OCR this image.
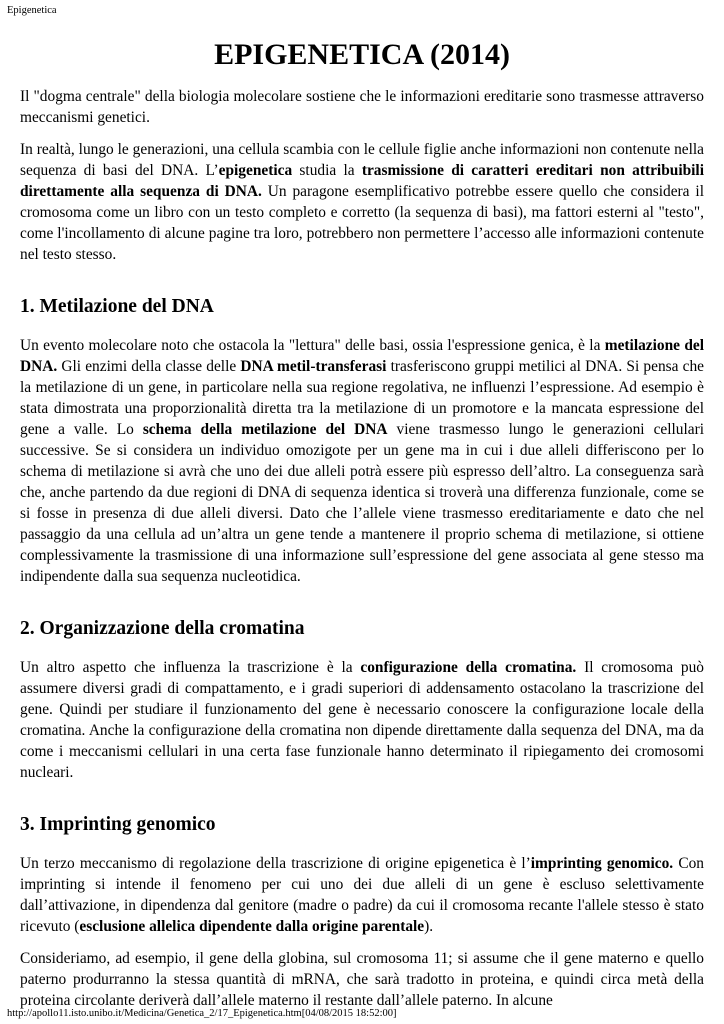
Epigenetica
EPIGENETICA (2014)

Il "dogma centrale" della biologia molecolare sostiene che le informazioni ereditarie sono trasmesse attraverso meccanismi genetici.

In realtà, lungo le generazioni, una cellula scambia con le cellule figlie anche informazioni non contenute nella sequenza di basi del DNA. L’epigenetica studia la trasmissione di caratteri ereditari non attribuibili direttamente alla sequenza di DNA. Un paragone esemplificativo potrebbe essere quello che considera il cromosoma come un libro con un testo completo e corretto (la sequenza di basi), ma fattori esterni al "testo", come l'incollamento di alcune pagine tra loro, potrebbero non permettere l’accesso alle informazioni contenute nel testo stesso.

1. Metilazione del DNA

Un evento molecolare noto che ostacola la "lettura" delle basi, ossia l'espressione genica, è la metilazione del DNA. Gli enzimi della classe delle DNA metil-transferasi trasferiscono gruppi metilici al DNA. Si pensa che la metilazione di un gene, in particolare nella sua regione regolativa, ne influenzi l’espressione. Ad esempio è stata dimostrata una proporzionalità diretta tra la metilazione di un promotore e la mancata espressione del gene a valle. Lo schema della metilazione del DNA viene trasmesso lungo le generazioni cellulari successive. Se si considera un individuo omozigote per un gene ma in cui i due alleli differiscono per lo schema di metilazione si avrà che uno dei due alleli potrà essere più espresso dell’altro. La conseguenza sarà che, anche partendo da due regioni di DNA di sequenza identica si troverà una differenza funzionale, come se si fosse in presenza di due alleli diversi. Dato che l’allele viene trasmesso ereditariamente e dato che nel passaggio da una cellula ad un’altra un gene tende a mantenere il proprio schema di metilazione, si ottiene complessivamente la trasmissione di una informazione sull’espressione del gene associata al gene stesso ma indipendente dalla sua sequenza nucleotidica.

2. Organizzazione della cromatina

Un altro aspetto che influenza la trascrizione è la configurazione della cromatina. Il cromosoma può assumere diversi gradi di compattamento, e i gradi superiori di addensamento ostacolano la trascrizione del gene. Quindi per studiare il funzionamento del gene è necessario conoscere la configurazione locale della cromatina. Anche la configurazione della cromatina non dipende direttamente dalla sequenza del DNA, ma da come i meccanismi cellulari in una certa fase funzionale hanno determinato il ripiegamento dei cromosomi nucleari.

3. Imprinting genomico

Un terzo meccanismo di regolazione della trascrizione di origine epigenetica è l’imprinting genomico. Con imprinting si intende il fenomeno per cui uno dei due alleli di un gene è escluso selettivamente dall’attivazione, in dipendenza dal genitore (madre o padre) da cui il cromosoma recante l'allele stesso è stato ricevuto (esclusione allelica dipendente dalla origine parentale).

Consideriamo, ad esempio, il gene della globina, sul cromosoma 11; si assume che il gene materno e quello paterno produrranno la stessa quantità di mRNA, che sarà tradotto in proteina, e quindi circa metà della proteina circolante deriverà dall’allele materno il restante dall’allele paterno. In alcune

http://apollo11.isto.unibo.it/Medicina/Genetica_2/17_Epigenetica.htm[04/08/2015 18:52:00]
